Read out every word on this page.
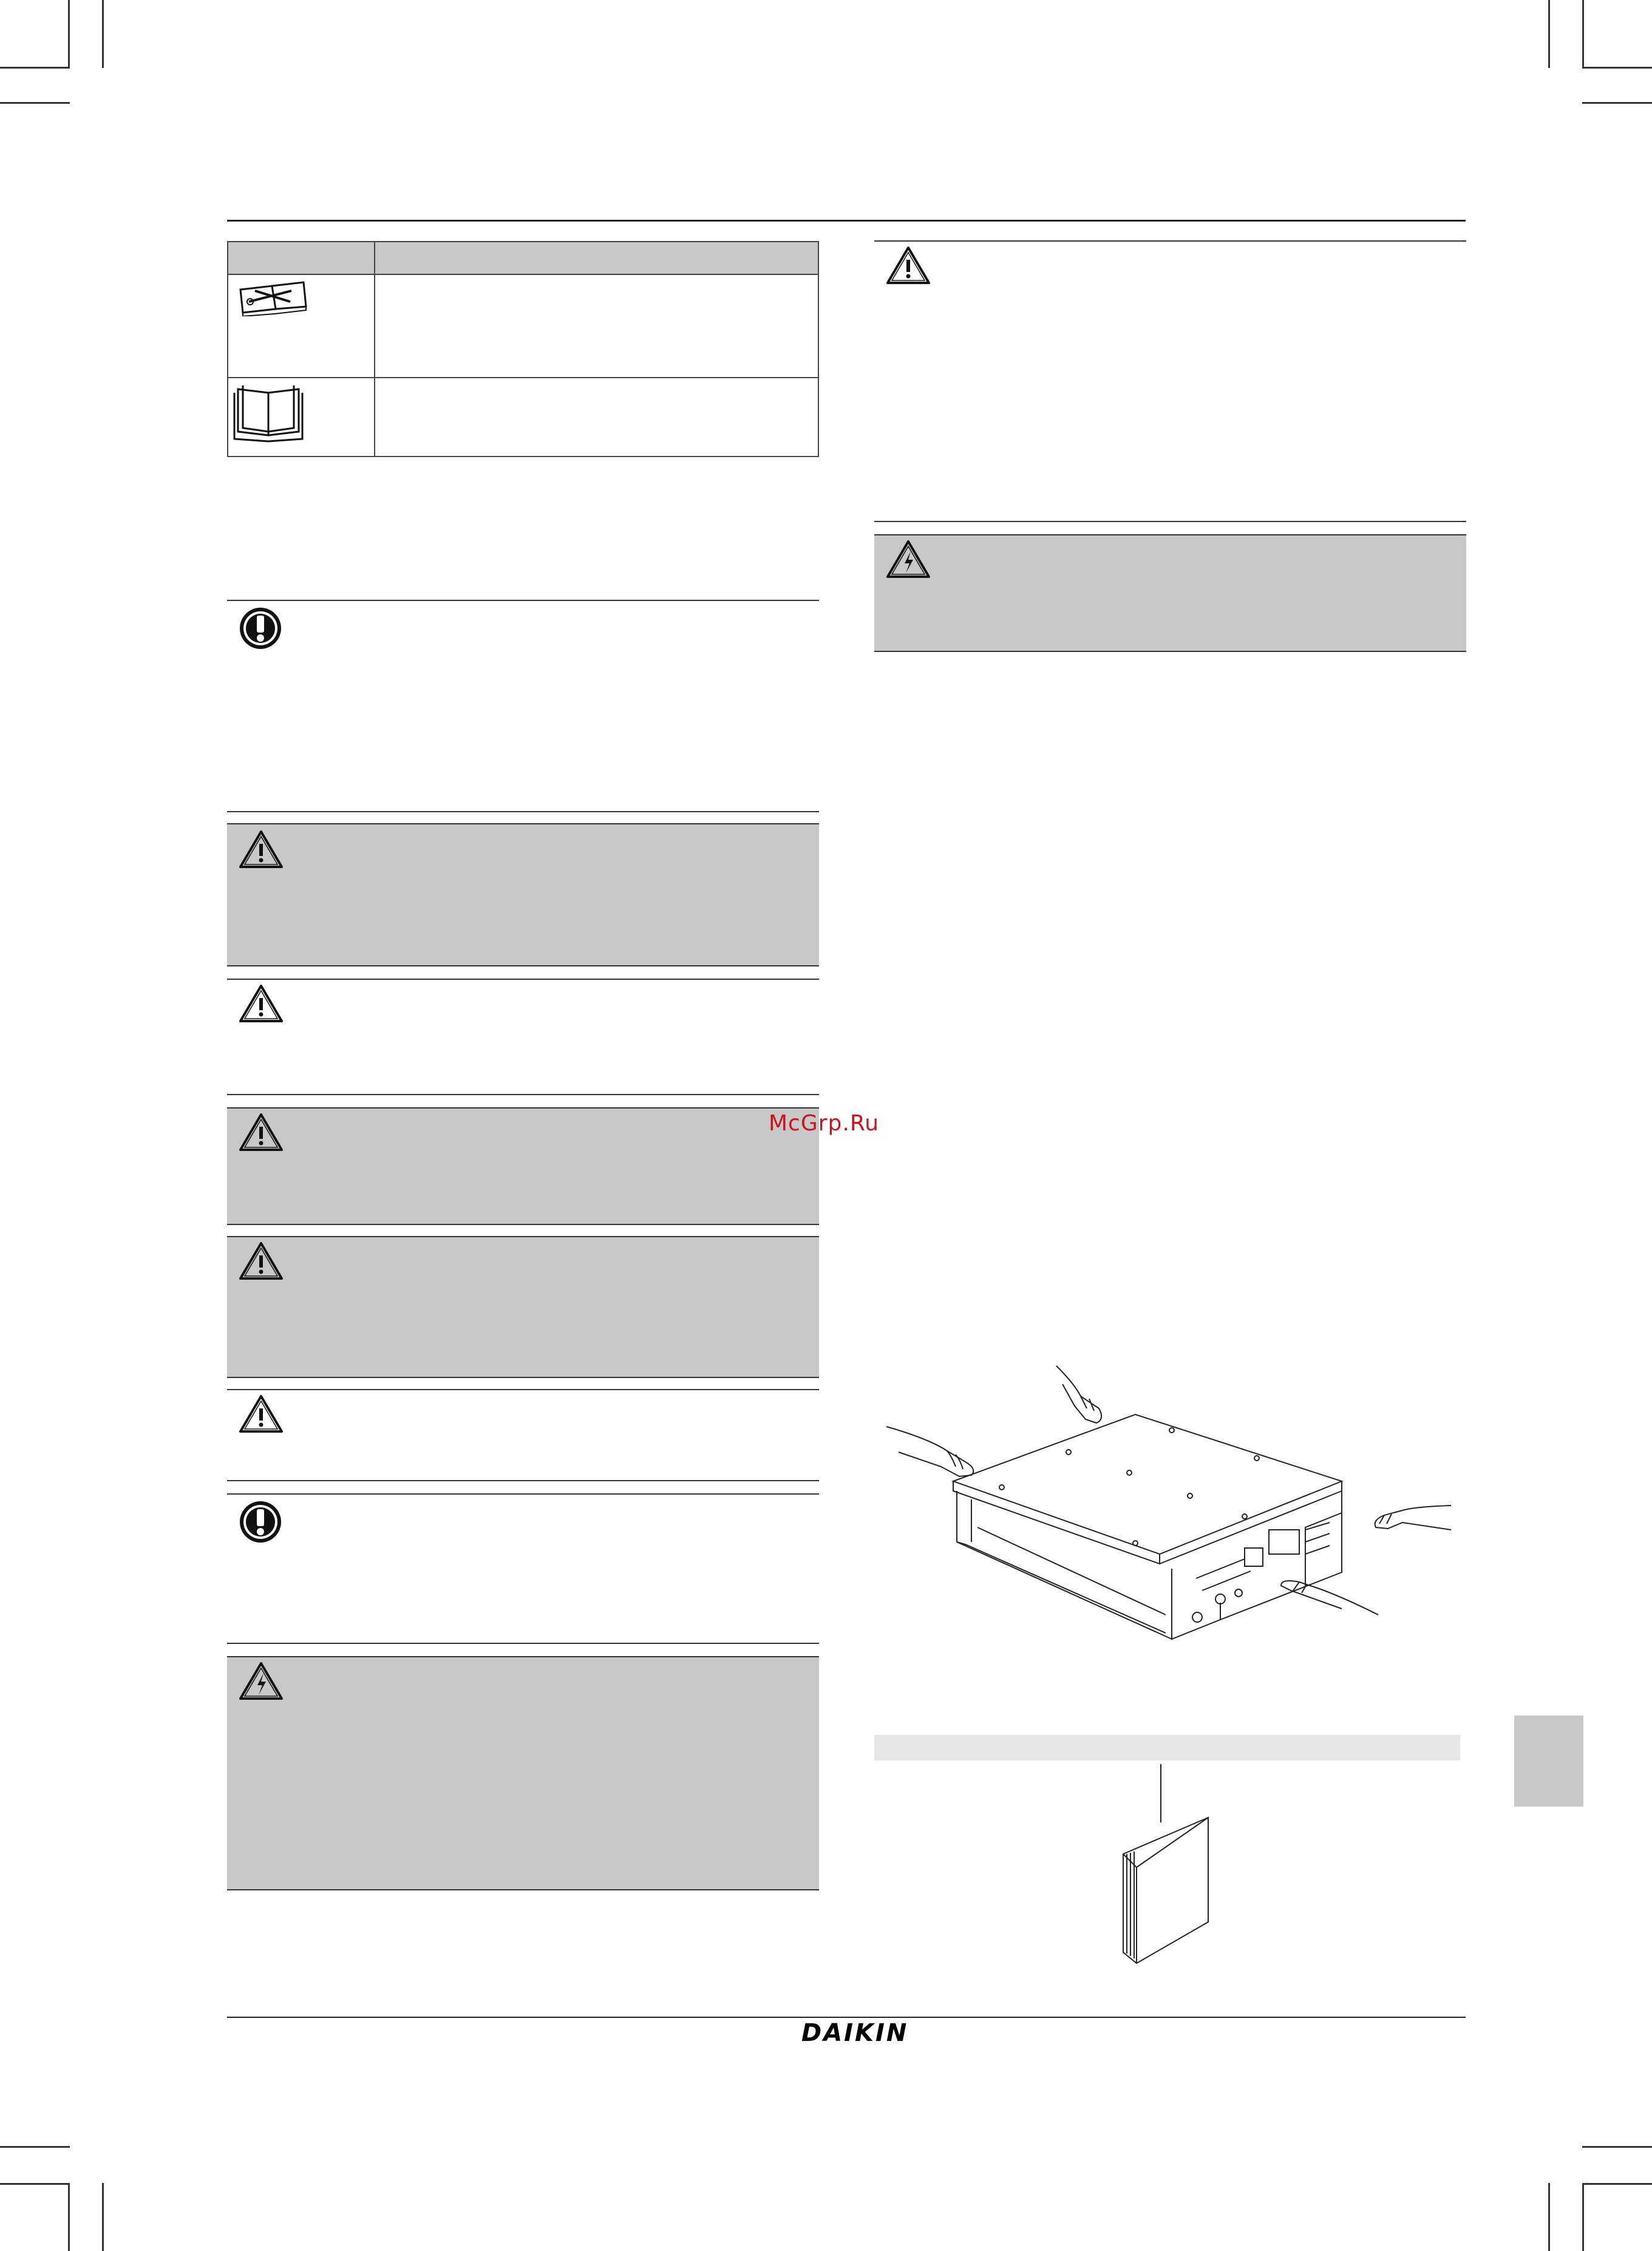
McGrp.Ru
DAIKIN
